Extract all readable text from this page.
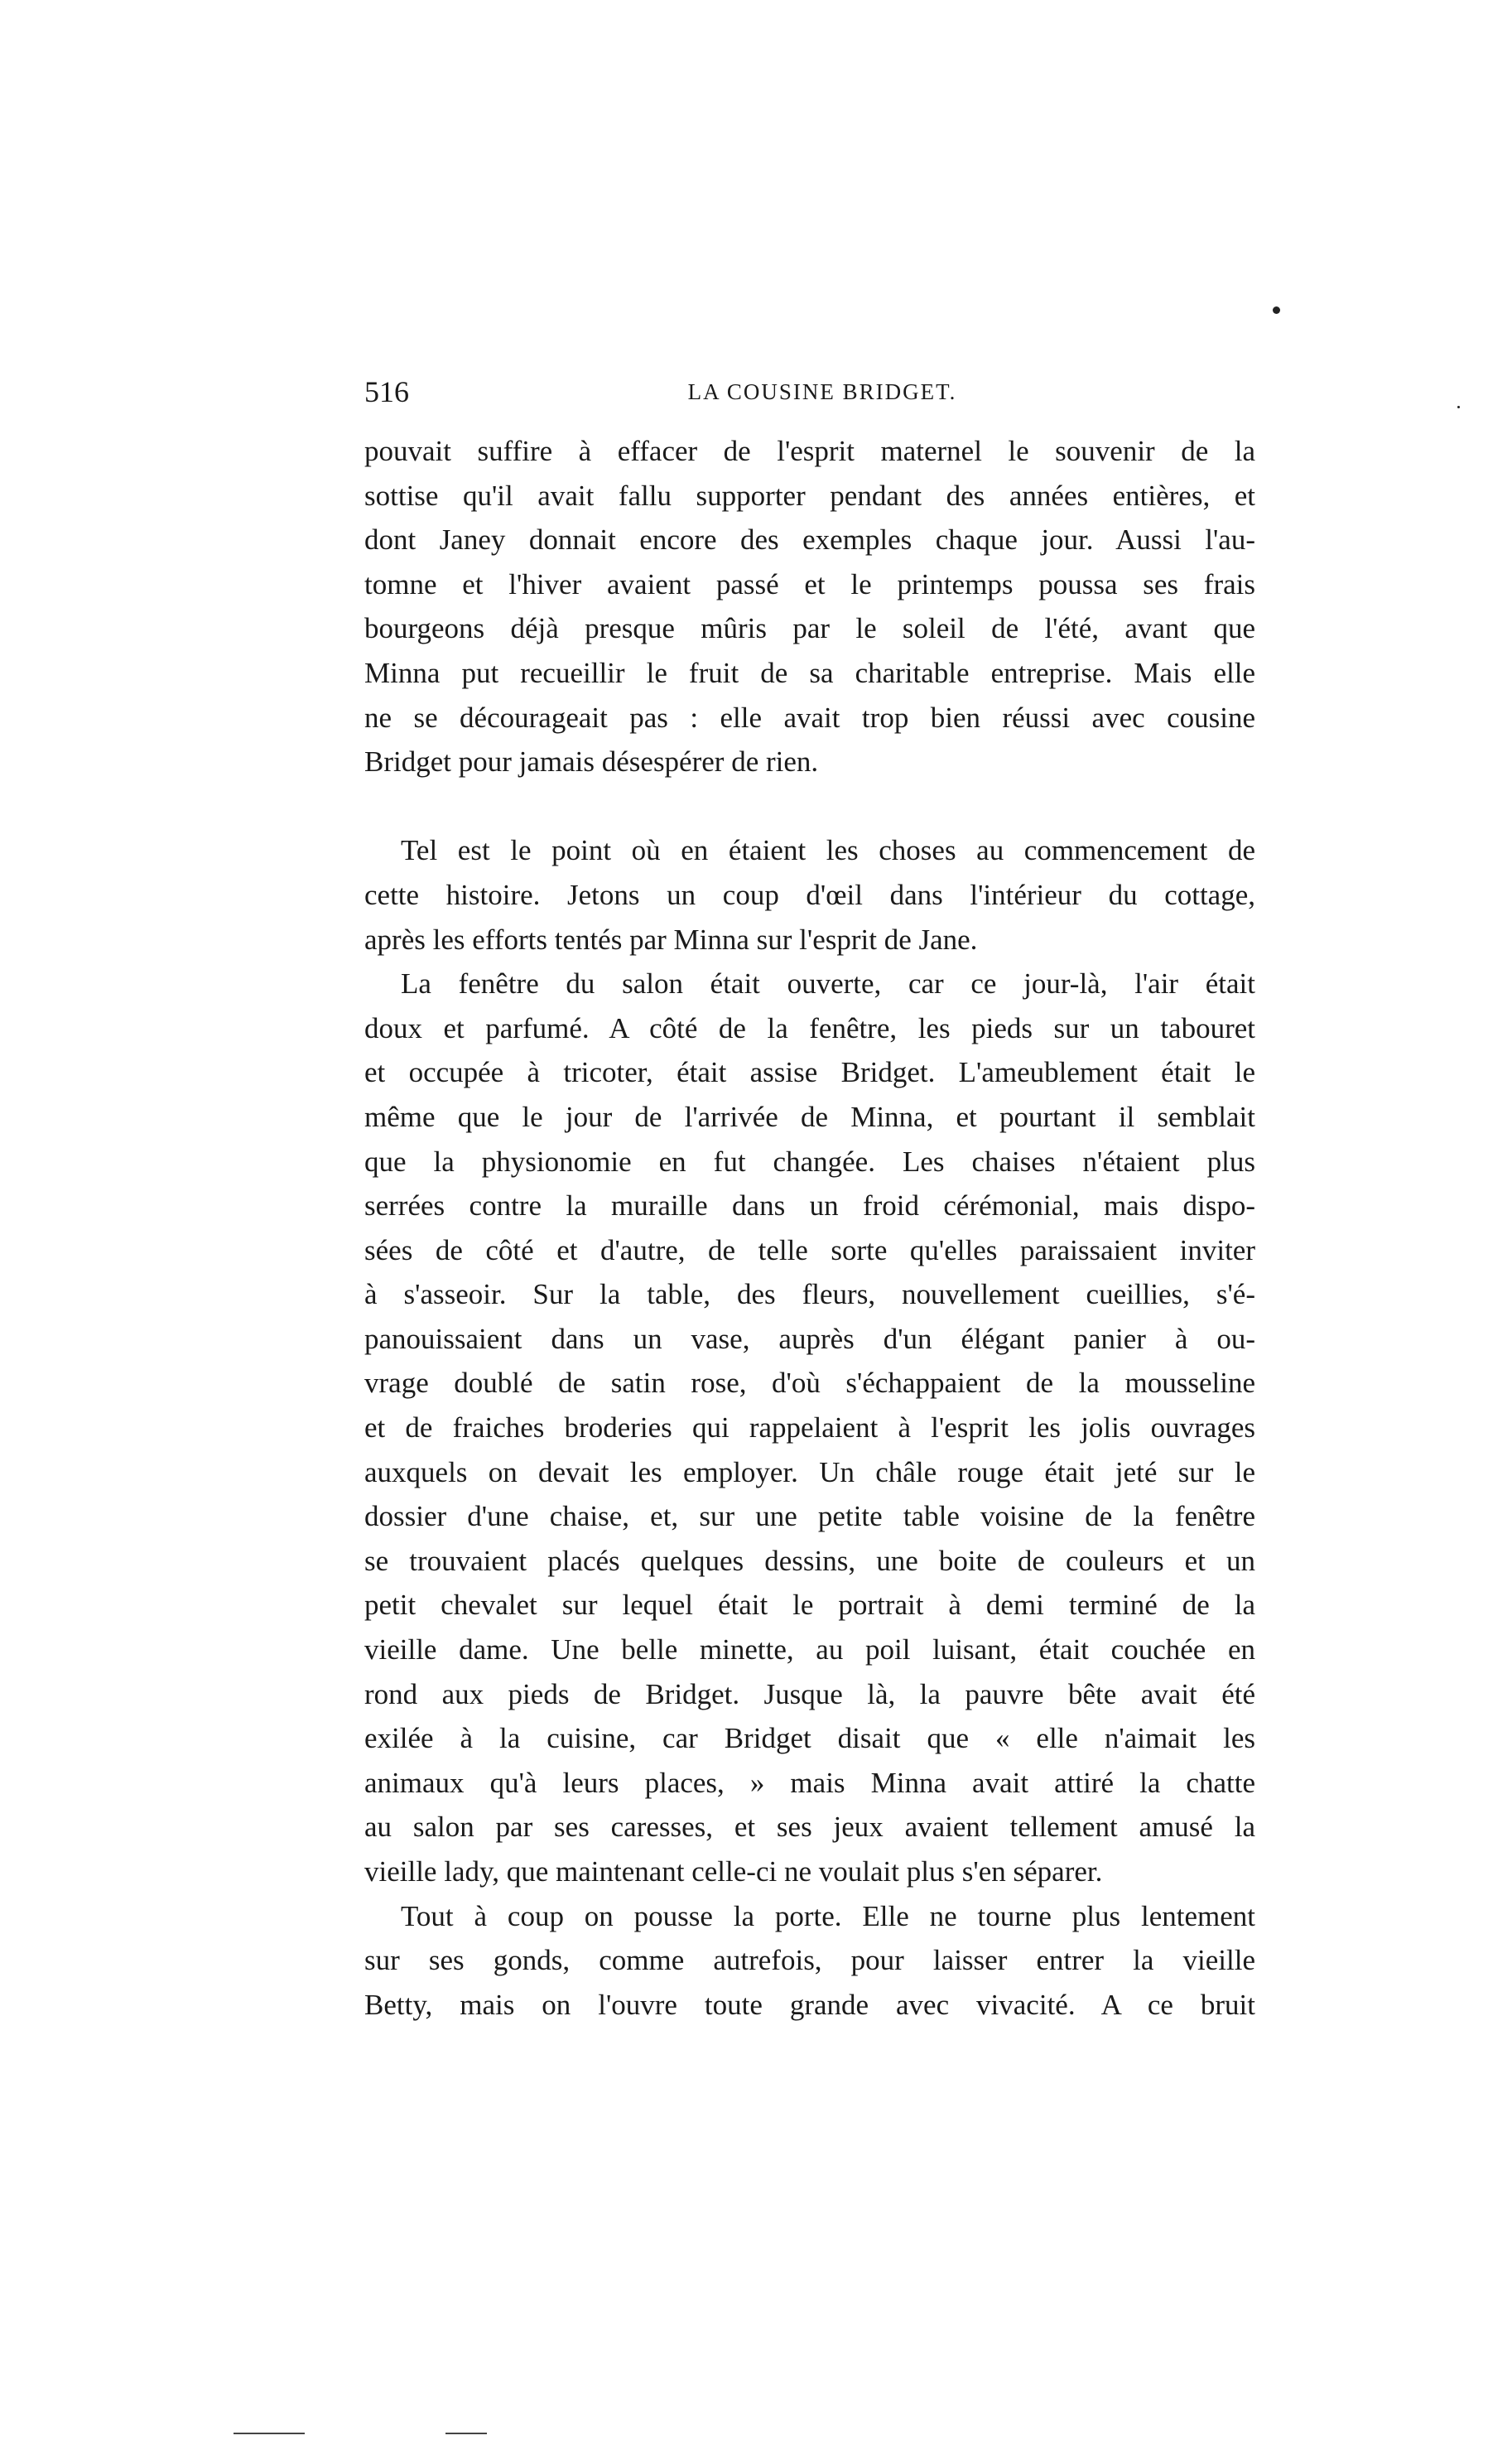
516	LA COUSINE BRIDGET.
pouvait suffire à effacer de l'esprit maternel le souvenir de la
sottise qu'il avait fallu supporter pendant des années entières, et
dont Janey donnait encore des exemples chaque jour. Aussi l'au-
tomne et l'hiver avaient passé et le printemps poussa ses frais
bourgeons déjà presque mûris par le soleil de l'été, avant que
Minna put recueillir le fruit de sa charitable entreprise. Mais elle
ne se décourageait pas : elle avait trop bien réussi avec cousine
Bridget pour jamais désespérer de rien.
Tel est le point où en étaient les choses au commencement de
cette histoire. Jetons un coup d'œil dans l'intérieur du cottage,
après les efforts tentés par Minna sur l'esprit de Jane.
La fenêtre du salon était ouverte, car ce jour-là, l'air était
doux et parfumé. A côté de la fenêtre, les pieds sur un tabouret
et occupée à tricoter, était assise Bridget. L'ameublement était le
même que le jour de l'arrivée de Minna, et pourtant il semblait
que la physionomie en fut changée. Les chaises n'étaient plus
serrées contre la muraille dans un froid cérémonial, mais dispo-
sées de côté et d'autre, de telle sorte qu'elles paraissaient inviter
à s'asseoir. Sur la table, des fleurs, nouvellement cueillies, s'é-
panouissaient dans un vase, auprès d'un élégant panier à ou-
vrage doublé de satin rose, d'où s'échappaient de la mousseline
et de fraiches broderies qui rappelaient à l'esprit les jolis ouvrages
auxquels on devait les employer. Un châle rouge était jeté sur le
dossier d'une chaise, et, sur une petite table voisine de la fenêtre
se trouvaient placés quelques dessins, une boite de couleurs et un
petit chevalet sur lequel était le portrait à demi terminé de la
vieille dame. Une belle minette, au poil luisant, était couchée en
rond aux pieds de Bridget. Jusque là, la pauvre bête avait été
exilée à la cuisine, car Bridget disait que « elle n'aimait les
animaux qu'à leurs places, » mais Minna avait attiré la chatte
au salon par ses caresses, et ses jeux avaient tellement amusé la
vieille lady, que maintenant celle-ci ne voulait plus s'en séparer.
Tout à coup on pousse la porte. Elle ne tourne plus lentement
sur ses gonds, comme autrefois, pour laisser entrer la vieille
Betty, mais on l'ouvre toute grande avec vivacité. A ce bruit
